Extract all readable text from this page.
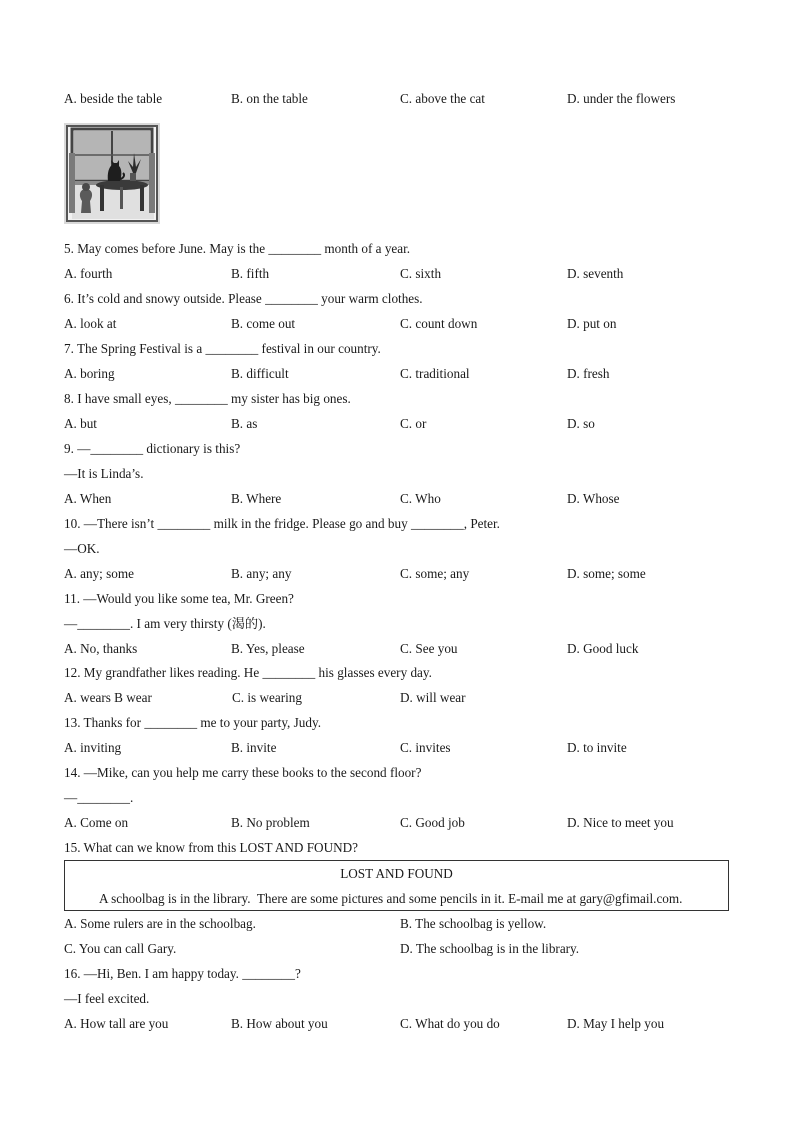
A. beside the table	B. on the table	C. above the cat	D. under the flowers
5. May comes before June. May is the ________ month of a year.
A. fourth	B. fifth	C. sixth	D. seventh
6. It’s cold and snowy outside. Please ________ your warm clothes.
A. look at	B. come out	C. count down	D. put on
7. The Spring Festival is a ________ festival in our country.
A. boring	B. difficult	C. traditional	D. fresh
8. I have small eyes, ________ my sister has big ones.
A. but	B. as	C. or	D. so
9. —________ dictionary is this?
—It is Linda’s.
A. When	B. Where	C. Who	D. Whose
10. —There isn’t ________ milk in the fridge. Please go and buy ________, Peter.
—OK.
A. any; some	B. any; any	C. some; any	D. some; some
11. —Would you like some tea, Mr. Green?
—________. I am very thirsty (渴的).
A. No, thanks	B. Yes, please	C. See you	D. Good luck
12. My grandfather likes reading. He ________ his glasses every day.
A. wears B wear	C. is wearing	D. will wear
13. Thanks for ________ me to your party, Judy.
A. inviting	B. invite	C. invites	D. to invite
14. —Mike, can you help me carry these books to the second floor?
—________.
A. Come on	B. No problem	C. Good job	D. Nice to meet you
15. What can we know from this LOST AND FOUND?
LOST AND FOUND
A schoolbag is in the library.  There are some pictures and some pencils in it. E-mail me at gary@gfimail.com.
A. Some rulers are in the schoolbag.	B. The schoolbag is yellow.
C. You can call Gary.	D. The schoolbag is in the library.
16. —Hi, Ben. I am happy today. ________?
—I feel excited.
A. How tall are you	B. How about you	C. What do you do	D. May I help you
